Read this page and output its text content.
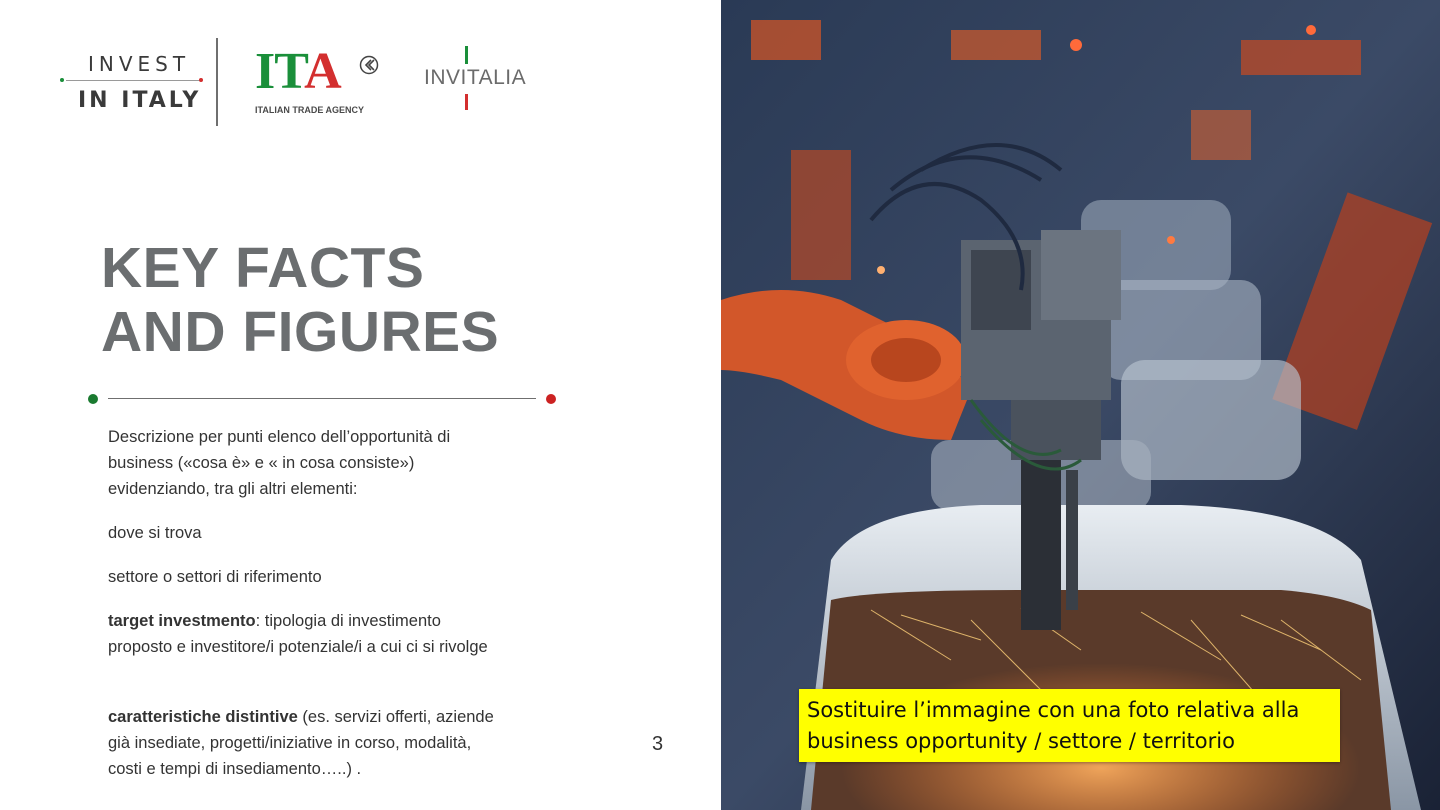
INVEST
IN ITALY
ITA
ITALIAN TRADE AGENCY
INVITALIA
KEY FACTS
AND FIGURES
Descrizione per punti elenco dell’opportunità di business («cosa è» e « in cosa consiste») evidenziando, tra gli altri elementi:
dove si trova
settore o settori di riferimento
target investmento: tipologia di investimento proposto e investitore/i potenziale/i a cui ci si rivolge
caratteristiche distintive (es. servizi offerti, aziende già insediate, progetti/iniziative in corso, modalità, costi e tempi di insediamento…..) .
3
Sostituire l’immagine con una foto relativa alla business opportunity / settore / territorio
